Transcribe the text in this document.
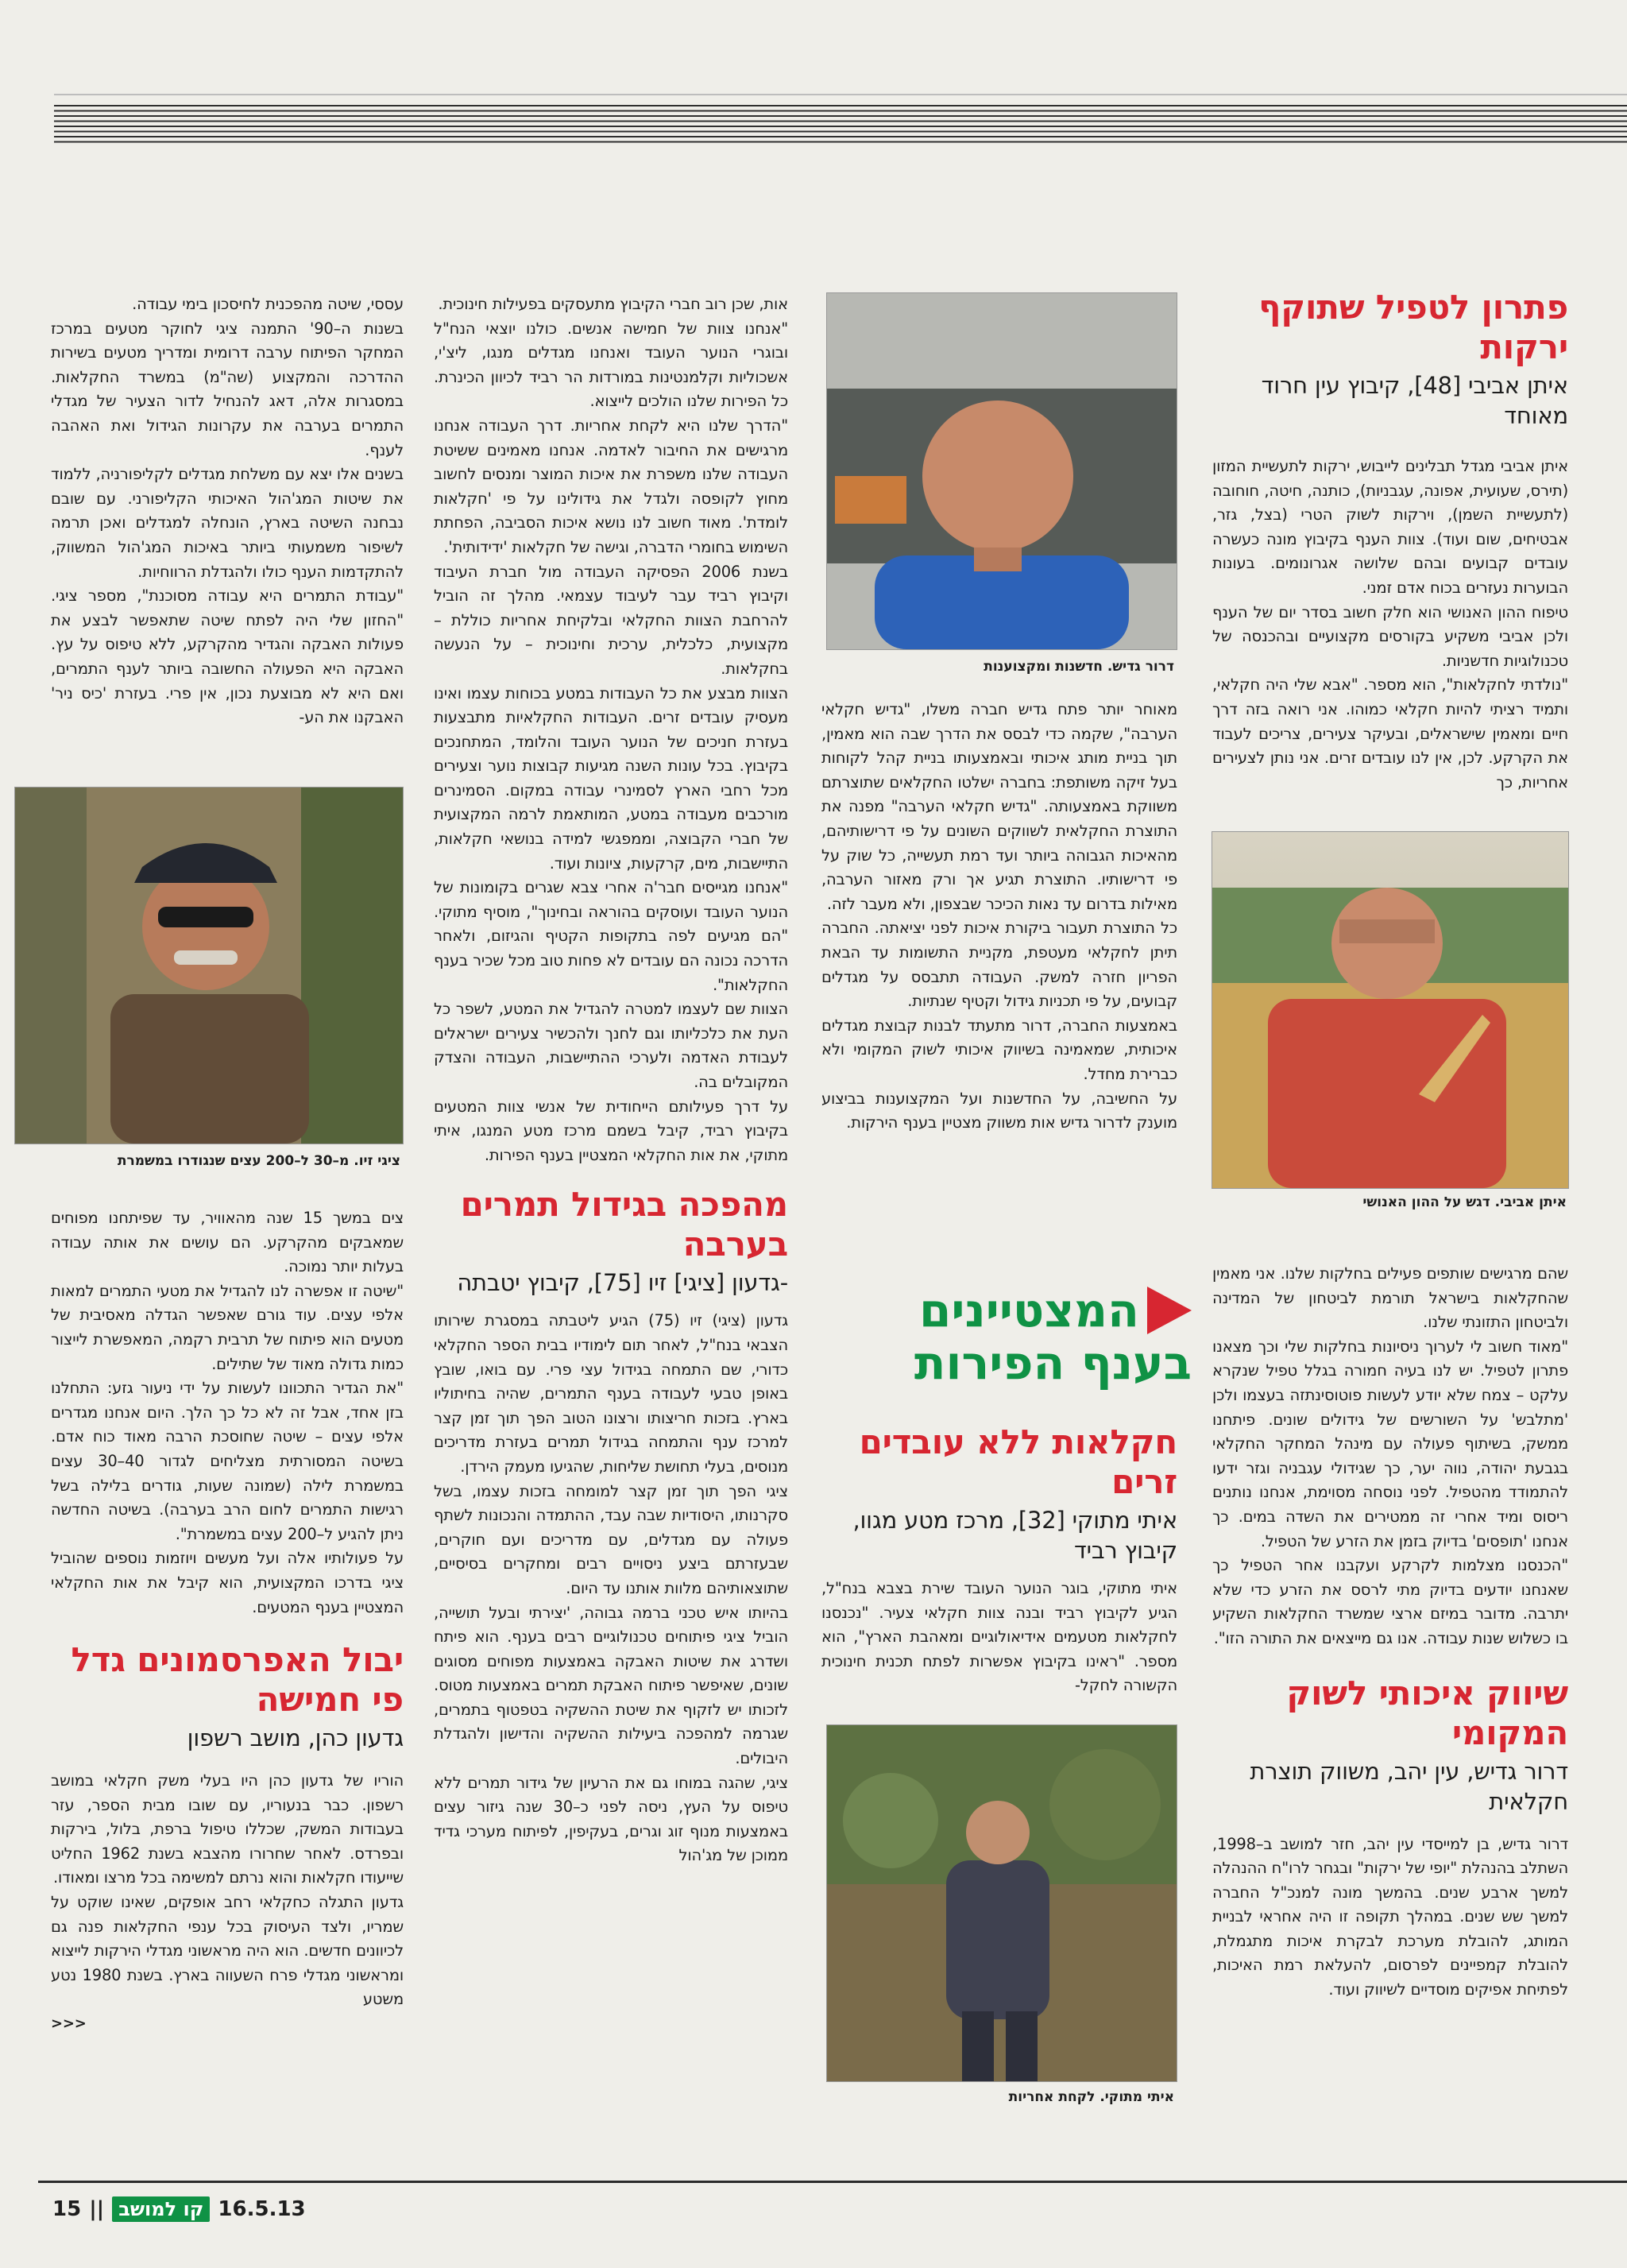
פתרון לטפיל שתוקף ירקות
איתן אביבי [48], קיבוץ עין חרוד מאוחד

איתן אביבי מגדל תבלינים לייבוש, ירקות לתעשיית המזון (תירס, שעועית, אפונה, עגבניות), כותנה, חיטה, חוחובה (לתעשיית השמן), וירקות לשוק הטרי (בצל, גזר, אבטיחים, שום ועוד). צוות הענף בקיבוץ מונה כעשרה עובדים קבועים ובהם שלושה אגרונומים. בעונות הבוערות נעזרים בכוח אדם זמני.

טיפוח ההון האנושי הוא חלק חשוב בסדר יום של הענף ולכן אביבי משקיע בקורסים מקצועיים ובהכנסה של טכנולוגיות חדשניות.

"נולדתי לחקלאות", הוא מספר. "אבא שלי היה חקלאי, ותמיד רציתי להיות חקלאי כמוהו. אני רואה בזה דרך חיים ומאמין שישראלים, ובעיקר צעירים, צריכים לעבוד את הקרקע. לכן, אין לנו עובדים זרים. אני נותן לצעירים אחריות, כך

איתן אביבי. דגש על ההון האנושי

שהם מרגישים שותפים פעילים בחלקות שלנו. אני מאמין שהחקלאות בישראל תורמת לביטחון של המדינה ולביטחון התזונתי שלנו.

"מאוד חשוב לי לערוך ניסיונות בחלקות שלי וכך מצאנו פתרון לטפיל. יש לנו בעיה חמורה בגלל טפיל שנקרא עלקט – צמח שלא יודע לעשות פוטוסינתזה בעצמו ולכן 'מתלבש' על השורשים של גידולים שונים. פיתחנו ממשק, בשיתוף פעולה עם מינהל המחקר החקלאי בגבעת יהודה, נווה יער, כך שגידולי עגבניה וגזר ידעו להתמודד מהטפיל. לפני נוסחה מסוימת, אנחנו נותנים ריסוס ומיד אחרי זה ממטירים את השדה במים. כך אנחנו 'תופסים' בדיוק בזמן את הזרע של הטפיל.

"הכנסנו מצלמות לקרקע ועקבנו אחר הטפיל כך שאנחנו יודעים בדיוק מתי לרסס את הזרע כדי שלא יתרבה. מדובר במיזם ארצי שמשרד החקלאות השקיע בו כשלוש שנות עבודה. אנו גם מייצאים את התורה הזו".

שיווק איכותי לשוק המקומי
דרור גדיש, עין יהב, משווק תוצרת חקלאית

דרור גדיש, בן למייסדי עין יהב, חזר למושב ב–1998, השתלב בהנהלת "יופי של ירקות" ובגחר לרו"ח ההנהלה למשך ארבע שנים. בהמשך מונה למנכ"ל החברה למשך שש שנים. במהלך תקופה זו היה אחראי לבניית המותג, להובלת מערכת לבקרת איכות מתגמלת, להובלת קמפיינים לפרסום, להעלאת רמת האיכות, לפתיחת אפיקים מוסדיים לשיווק ועוד.

דרור גדיש. חדשנות ומקצוענות

מאוחר יותר פתח גדיש חברה משלו, "גדיש חקלאי הערבה", שקמה כדי לבסס את הדרך שבה הוא מאמין, תוך בניית מותג איכותי ובאמצעותו בניית קהל לקוחות בעל זיקה משותפת: בחברה ישלטו החקלאים שתוצרתם משווקת באמצעותה. "גדיש חקלאי הערבה" מפנה את התוצרת החקלאית לשווקים השונים על פי דרישותיהם, מהאיכות הגבוהה ביותר ועד רמת תעשייה, כל שוק על פי דרישותיו. התוצרת תגיע אך ורק מאזור הערבה, מאילות בדרום עד נאות הכיכר שבצפון, ולא מעבר לזה.

כל התוצרת תעבור ביקורת איכות לפני יציאתה. החברה תיתן לחקלאי מעטפת, מקניית התשומות עד הבאת הפריון חזרה למשק. העבודה תתבסס על מגדלים קבועים, על פי תכניות גידול וקטיף שנתיות.

באמצעות החברה, דרור מתעתד לבנות קבוצת מגדלים איכותית, שמאמינה בשיווק איכותי לשוק המקומי ולא כברירת מחדל.

על החשיבה, על החדשנות ועל המקצוענות בביצוע מוענק לדרור גדיש אות משווק מצטיין בענף הירקות.

המצטיינים
בענף הפירות
חקלאות ללא עובדים זרים
איתי מתוקי [32], מרכז מטע מגוו, קיבוץ רביד

איתי מתוקי, בוגר הנוער העובד שירת בצבא בנח"ל, הגיע לקיבוץ רביד ובנה צוות חקלאי צעיר. "נכנסנו לחקלאות מטעמים אידיאולוגיים ומאהבת הארץ", הוא מספר. "ראינו בקיבוץ אפשרות לפתח תכנית חינוכית הקשורה לחקל-

איתי מתוקי. לקחת אחריות

אות, שכן רוב חברי הקיבוץ מתעסקים בפעילות חינוכית.

"אנחנו צוות של חמישה אנשים. כולנו יוצאי הנח"ל ובוגרי הנוער העובד ואנחנו מגדלים מנגו, ליצ'י, אשכוליות וקלמנטינות במורדות הר רביד לכיוון הכינרת. כל הפירות שלנו הולכים לייצוא.

"הדרך שלנו היא לקחת אחריות. דרך העבודה אנחנו מרגישים את החיבור לאדמה. אנחנו מאמינים ששיטת העבודה שלנו משפרת את איכות המוצר ומנסים לחשוב מחוץ לקופסה ולגדל את גידולינו על פי 'חקלאות לומדת'. מאוד חשוב לנו נושא איכות הסביבה, הפחתת השימוש בחומרי הדברה, וגישה של חקלאות 'ידידותית'.

בשנת 2006 הפסיקה העבודה מול חברת העיבוד וקיבוץ רביד עבר לעיבוד עצמאי. מהלך זה הוביל להרחבת הצוות החקלאי ובלקיחת אחריות כוללת – מקצועית, כלכלית, ערכית וחינוכית – על הנעשה בחקלאות.

הצוות מבצע את כל העבודות במטע בכוחות עצמו ואינו מעסיק עובדים זרים. העבודות החקלאיות מתבצעות בעזרת חניכים של הנוער העובד והלומד, המתחנכים בקיבוץ. בכל עונות השנה מגיעות קבוצות נוער וצעירים מכל רחבי הארץ לסמינרי עבודה במקום. הסמינרים מורכבים מעבודה במטע, המותאמת לרמה המקצועית של חברי הקבוצה, וממפגשי למידה בנושאי חקלאות, התיישבות, מים, קרקעות, ציונות ועוד.

"אנחנו מגייסים חבר'ה אחרי צבא שגרים בקומונות של הנוער העובד ועוסקים בהוראה ובחינוך", מוסיף מתוקי. "הם מגיעים לפה בתקופות הקטיף והגיזום, ולאחר הדרכה נכונה הם עובדים לא פחות טוב מכל שכיר בענף החקלאות".

הצוות שם לעצמו למטרה להגדיל את המטע, לשפר כל העת את כלכליותו וגם לחנך ולהכשיר צעירים ישראלים לעבודת האדמה ולערכי ההתיישבות, העבודה והצדק המקובלים בה.

על דרך פעילותם הייחודית של אנשי צוות המטעים בקיבוץ רביד, קיבל בשמם מרכז מטע המנגו, איתי מתוקי, את אות החקלאי המצטיין בענף הפירות.

מהפכה בגידול תמרים בערבה
-גדעון [ציגי] זיו [75], קיבוץ יטבתה

גדעון (ציגי) זיו (75) הגיע ליטבתה במסגרת שירותו הצבאי בנח"ל, לאחר תום לימודיו בבית הספר החקלאי כדורי, שם התמחה בגידול עצי פרי. עם בואו, שובץ באופן טבעי לעבודה בענף התמרים, שהיה בחיתוליו בארץ. בזכות חריצותו ורצונו הטוב הפך תוך זמן קצר למרכז ענף והתמחה בגידול תמרים בעזרת מדריכים מנוסים, בעלי תחושת שליחות, שהגיעו מעמק הירדן.

ציגי הפך תוך זמן קצר למומחה בזכות עצמו, בשל סקרנותו, היסודיות שבה עבד, ההתמדה והנכונות לשתף פעולה עם מגדלים, עם מדריכים ועם חוקרים, שבעזרתם ביצע ניסויים רבים ומחקרים בסיסיים, שתוצאותיהם מלוות אותנו עד היום.

בהיותו איש טכני ברמה גבוהה, 'יצירתי ובעל תושייה, הוביל ציגי פיתוחים טכנולוגיים רבים בענף. הוא פיתח ושדרג את שיטות האבקה באמצעות מפוחים מסוגים שונים, שאיפשר פיתוח האבקת תמרים באמצעות מטוס. לזכותו יש לזקוף את שיטת ההשקיה בטפטוף בתמרים, שגרמה למהפכה ביעילות ההשקיה והדישון ולהגדלת היבולים.

ציגי, שהגה במוחו גם את הרעיון של גידור תמרים ללא טיפוס על העץ, ניסה לפני כ–30 שנה גיזור עצים באמצעות מנוף זוג וגרים, בעקיפין, לפיתוח מערכי גדיד ממוכן של מג'הול

עססי, שיטה מהפכנית לחיסכון בימי עבודה.

בשנות ה–90' התמנה ציגי לחוקר מטעים במרכז המחקר הפיתוח ערבה דרומית ומדריך מטעים בשירות ההדרכה והמקצוע (שה"מ) במשרד החקלאות. במסגרות אלה, דאג להנחיל לדור הצעיר של מגדלי התמרים בערבה את עקרונות הגידול ואת האהבה לענף.

בשנים אלו יצא עם משלחת מגדלים לקליפורניה, ללמוד את שיטות המג'הול האיכותי הקליפורני. עם שובם נבחנה השיטה בארץ, הונחלה למגדלים ואכן תרמה לשיפור משמעותי ביותר באיכות המג'הול המשווק, להתקדמות הענף כולו ולהגדלת הרווחיות.

"עבודת התמרים היא עבודה מסוכנת", מספר ציגי. "החזון שלי היה לפתח שיטה שתאפשר לבצע את פעולות האבקה והגדיר מהקרקע, ללא טיפוס על עץ. האבקה היא הפעולה החשובה ביותר לענף התמרים, ואם היא לא מבוצעת נכון, אין פרי. בעזרת 'כיס ניר' האבקנו את הע-

ציגי זיו. מ–30 ל–200 עצים שנגודרו במשמרת

צים במשך 15 שנה מהאוויר, עד שפיתחנו מפוחים שמאבקים מהקרקע. הם עושים את אותה עבודה בעלות יותר נמוכה.

"שיטה זו אפשרה לנו להגדיל את מטעי התמרים למאות אלפי עצים. עוד גורם שאפשר הגדלה מאסיבית של מטעים הוא פיתוח של תרבית רקמה, המאפשרת לייצור כמות גדולה מאוד של שתילים.

"את הגדיר התכוונו לעשות על ידי ניעור גזע: התחלנו בזן אחד, אבל זה לא כל כך הלך. היום אנחנו מגדרים אלפי עצים – שיטה שחוסכת הרבה מאוד כוח אדם. בשיטה המסורתית מצליחים לגדור 40–30 עצים במשמרת לילה (שמונה שעות, גודרים בלילה בשל רגישות התמרים לחום הרב בערבה). בשיטה החדשה ניתן להגיע ל–200 עצים במשמרת".

על פעולותיו אלה ועל מעשים ויוזמות נוספים שהוביל ציגי בדרכו המקצועית, הוא קיבל את אות החקלאי המצטיין בענף המטעים.

יבול האפרסמונים גדל פי חמישה
גדעון כהן, מושב רשפון

הוריו של גדעון כהן היו בעלי משק חקלאי במושב רשפון. כבר בנעוריו, עם שובו מבית הספר, עזר בעבודות המשק, שכללו טיפול ברפת, בלול, בירקות ובפרדס. לאחר שחרורו מהצבא בשנת 1962 החליט שייעודו חקלאות והוא נרתם למשימה בכל מרצו ומאודו.

גדעון התגלה כחקלאי רחב אופקים, שאינו שוקט על שמריו, ולצד העיסוק בכל ענפי החקלאות פנה גם לכיוונים חדשים. הוא היה מראשוני מגדלי הירקות לייצוא ומראשוני מגדלי פרח השעווה בארץ. בשנת 1980 נטע משטע

>>>
15 || קו למושב 16.5.13
